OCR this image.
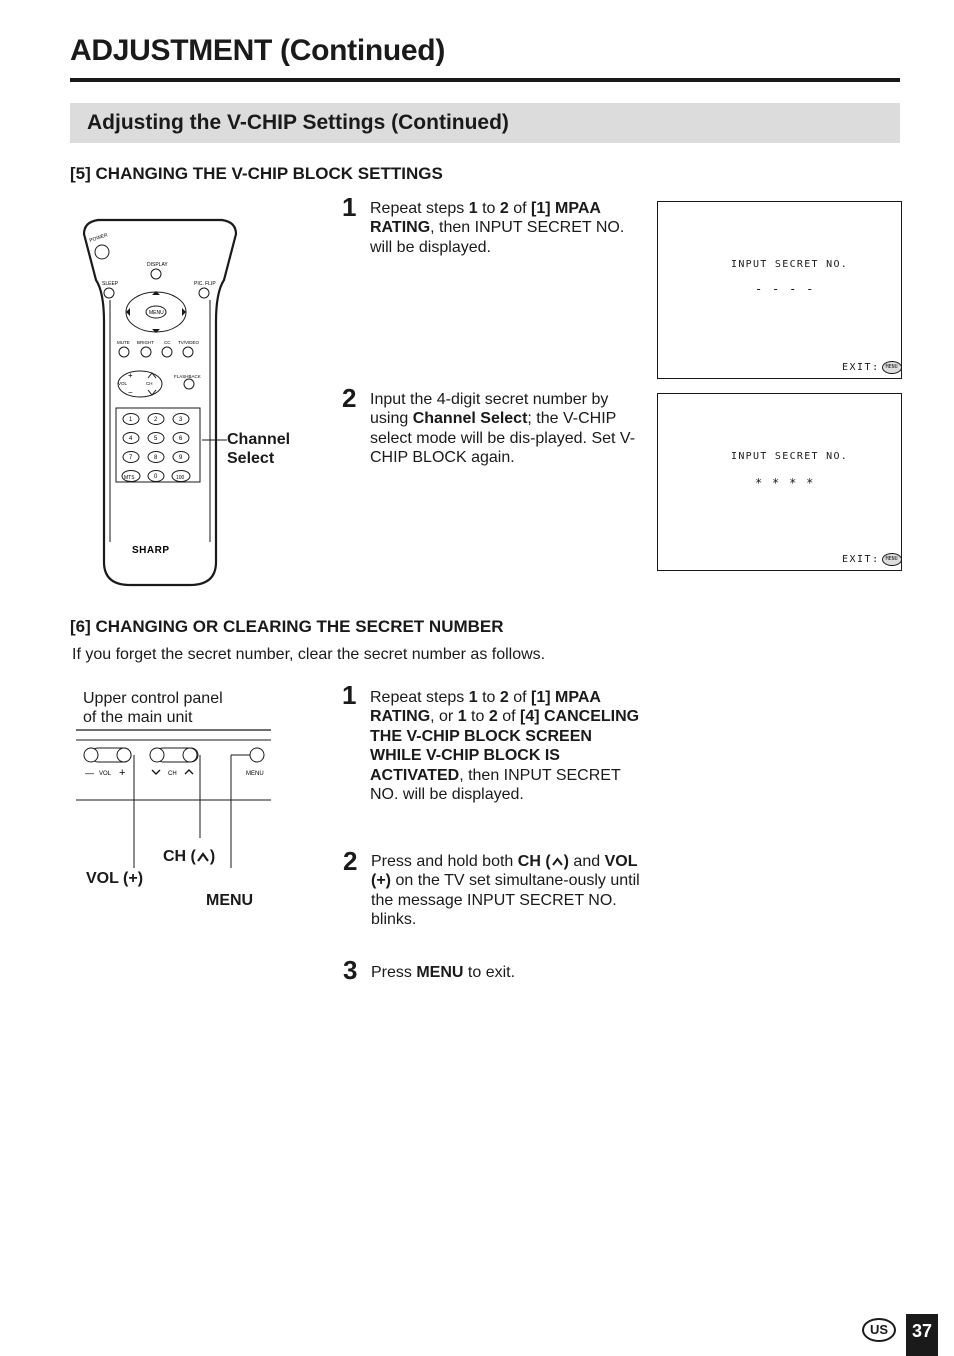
ADJUSTMENT (Continued)
Adjusting the V-CHIP Settings (Continued)
[5] CHANGING THE V-CHIP BLOCK SETTINGS
POWER
DISPLAY
SLEEP	PIC. FLIP
MENU
MUTE BRIGHT CC TV/VIDEO
+
−
VOL	CH
FLASHBACK
1	2	3
4	5	6
7	8	9
0
MTS	100
SHARP
Channel
Select
1 Repeat steps 1 to 2 of [1] MPAA RATING, then INPUT SECRET NO. will be displayed.
2 Input the 4-digit secret number by using Channel Select; the V-CHIP select mode will be dis-played. Set V-CHIP BLOCK again.
INPUT SECRET NO.
- - - -
EXIT:	MENU
INPUT SECRET NO.
* * * *
EXIT:	MENU
[6] CHANGING OR CLEARING THE SECRET NUMBER
If you forget the secret number, clear the secret number as follows.
Upper control panel
of the main unit
— VOL +	CH	MENU
CH ( )
VOL (+)
MENU
1 Repeat steps 1 to 2 of [1] MPAA RATING, or 1 to 2 of [4] CANCELING THE V-CHIP BLOCK SCREEN WHILE V-CHIP BLOCK IS ACTIVATED, then INPUT SECRET NO. will be displayed.
2 Press and hold both CH ( ) and VOL (+) on the TV set simultane-ously until the message INPUT SECRET NO. blinks.
3 Press MENU to exit.
US	37
